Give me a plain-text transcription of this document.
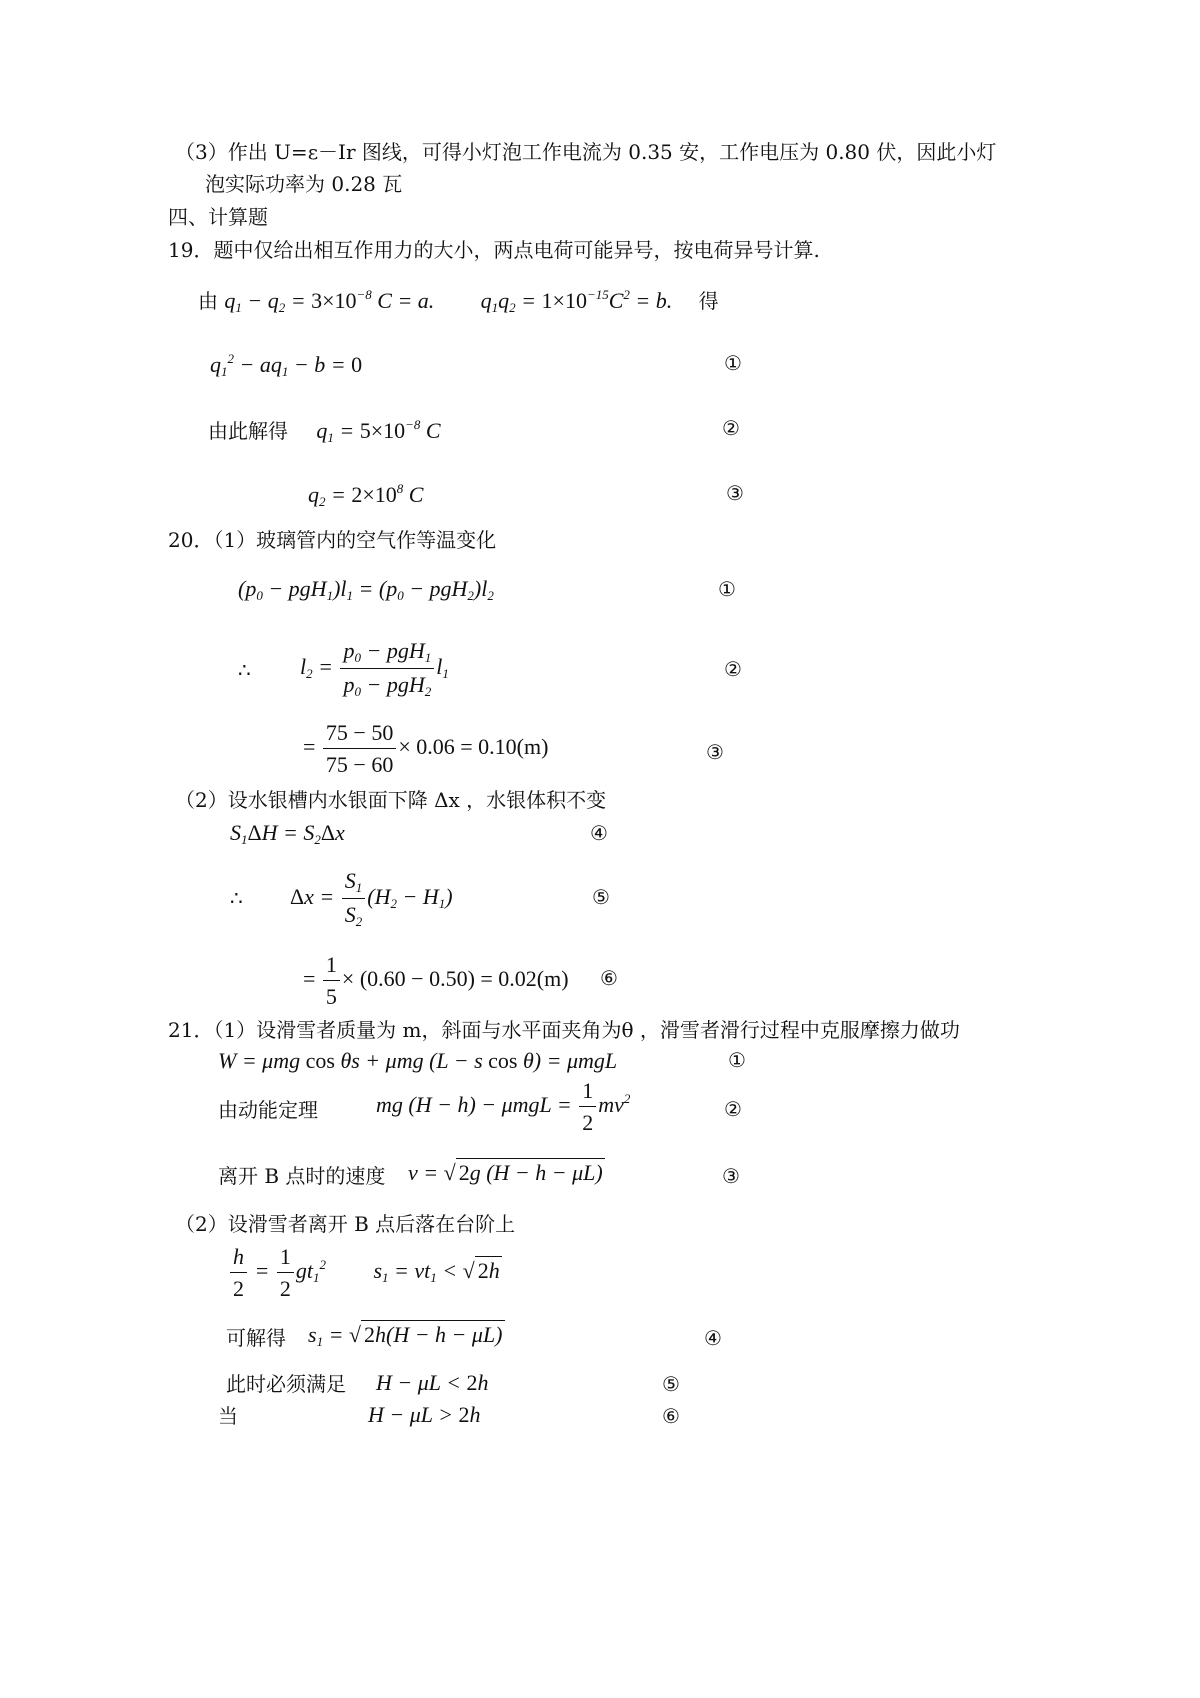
（3）作出 U=ε－Ir 图线，可得小灯泡工作电流为 0.35 安，工作电压为 0.80 伏，因此小灯
泡实际功率为 0.28 瓦
四、计算题
19．题中仅给出相互作用力的大小，两点电荷可能异号，按电荷异号计算.
由 $q_1 - q_2 = 3\times 10^{-8}$ C = a. $q_1q_2 = 1\times 10^{-15}C^2 = b$. 得
$q_1^2 - aq_1 - b = 0$	①
由此解得 $q_1 = 5\times 10^{-8}$ C	②
$q_2 = 2\times 10^8$ C	③
20．（1）玻璃管内的空气作等温变化
$(p_0 - pgH_1)l_1 = (p_0 - pgH_2)l_2$	①
∴ $l_2 = \frac{p_0 - pgH_1}{p_0 - pgH_2} l_1$	②
= $\frac{75 - 50}{75 - 60} \times 0.06 = 0.10(m)$	③
（2）设水银槽内水银面下降 Δx ，水银体积不变
$S_1\Delta H = S_2\Delta x$	④
∴ $\Delta x = \frac{S_1}{S_2} (H_2 - H_1)$	⑤
= $\frac{1}{5} \times (0.60 - 0.50) = 0.02(m)$ ⑥
21．（1）设滑雪者质量为 m，斜面与水平面夹角为θ ，滑雪者滑行过程中克服摩擦力做功
W = μmg cos θs + μmg (L − s cos θ) = μmgL	①
由动能定理	mg $(H - h) - \mu mgL = \frac{1}{2} mv^2$	②
离开 B 点时的速度 v = √ 2g (H − h − μL)	③
（2）设滑雪者离开 B 点后落在台阶上
$\frac{h}{2} = \frac{1}{2} gt_1^2$ $s_1 = vt_1$ < √ 2h
可解得 $s_1$ = √ 2h(H − h − μL)	④
此时必须满足 H − μL < 2h	⑤
当	H − μL > 2h	⑥
